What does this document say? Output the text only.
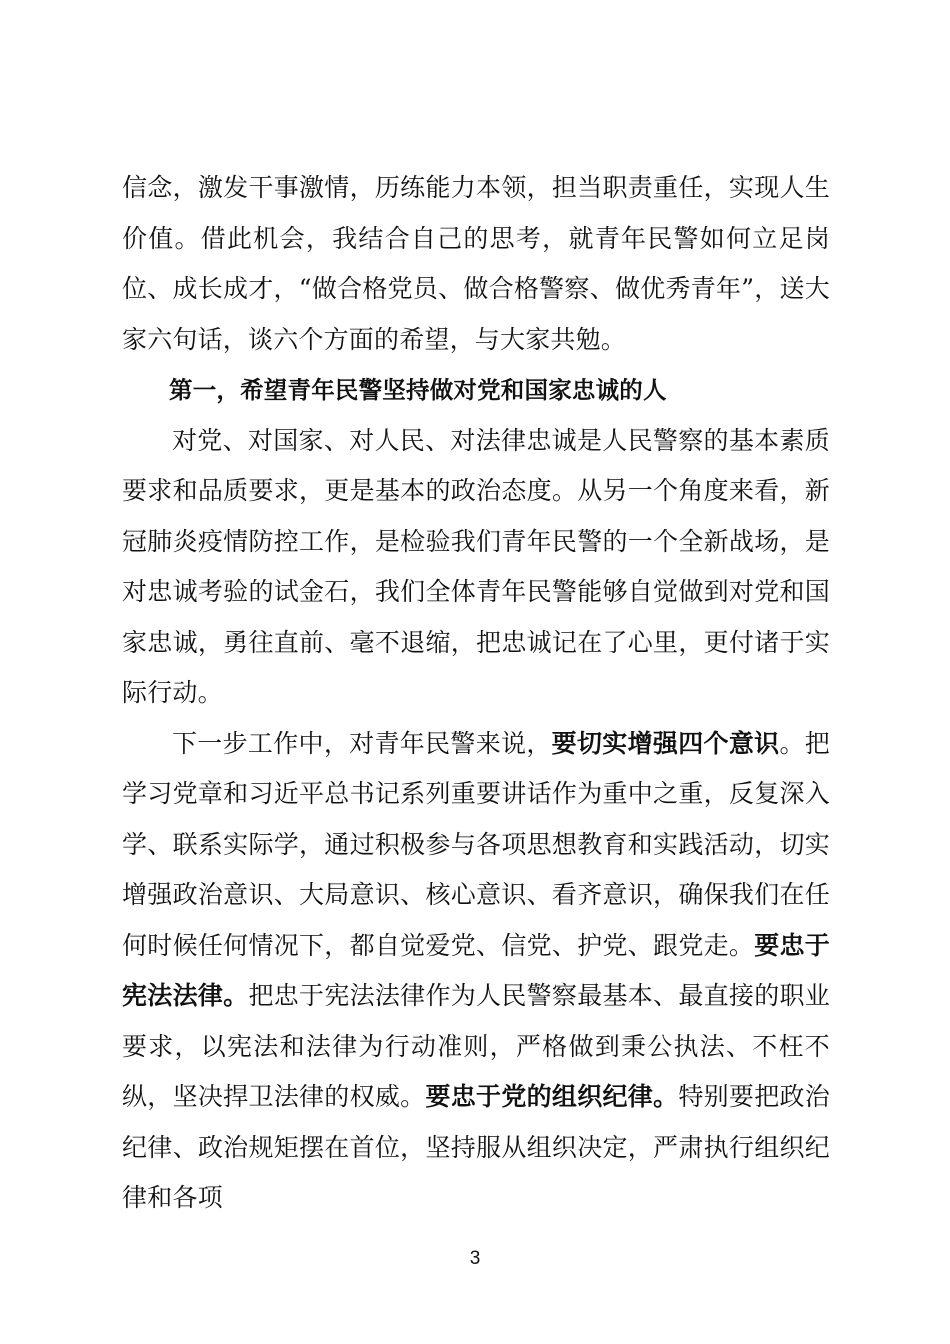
信念，激发干事激情，历练能力本领，担当职责重任，实现人生价值。借此机会，我结合自己的思考，就青年民警如何立足岗位、成长成才，“做合格党员、做合格警察、做优秀青年”，送大家六句话，谈六个方面的希望，与大家共勉。

第一，希望青年民警坚持做对党和国家忠诚的人

对党、对国家、对人民、对法律忠诚是人民警察的基本素质要求和品质要求，更是基本的政治态度。从另一个角度来看，新冠肺炎疫情防控工作，是检验我们青年民警的一个全新战场，是对忠诚考验的试金石，我们全体青年民警能够自觉做到对党和国家忠诚，勇往直前、毫不退缩，把忠诚记在了心里，更付诸于实际行动。

下一步工作中，对青年民警来说，要切实增强四个意识。把学习党章和习近平总书记系列重要讲话作为重中之重，反复深入学、联系实际学，通过积极参与各项思想教育和实践活动，切实增强政治意识、大局意识、核心意识、看齐意识，确保我们在任何时候任何情况下，都自觉爱党、信党、护党、跟党走。要忠于宪法法律。把忠于宪法法律作为人民警察最基本、最直接的职业要求，以宪法和法律为行动准则，严格做到秉公执法、不枉不纵，坚决捍卫法律的权威。要忠于党的组织纪律。特别要把政治纪律、政治规矩摆在首位，坚持服从组织决定，严肃执行组织纪律和各项

3
